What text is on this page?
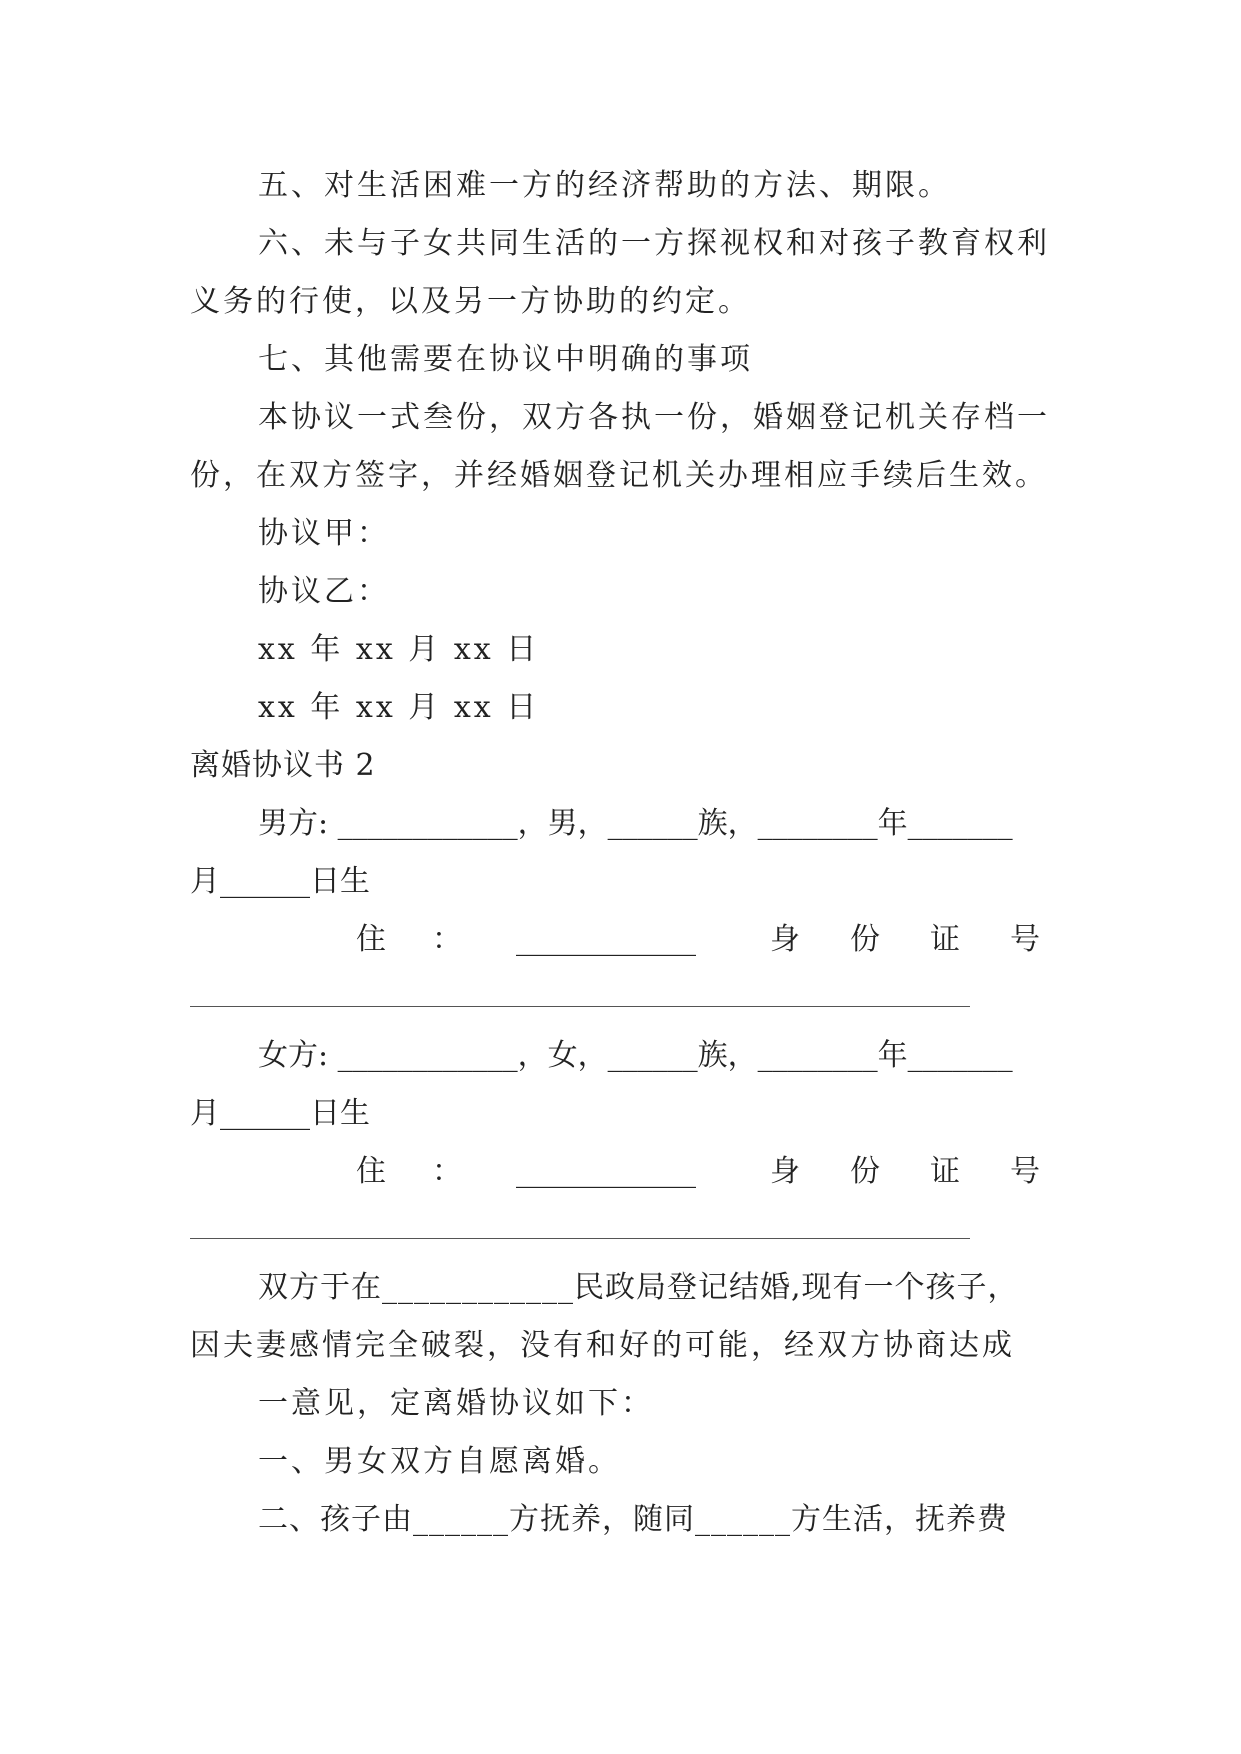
五、对生活困难一方的经济帮助的方法、期限。
六、未与子女共同生活的一方探视权和对孩子教育权利
义务的行使，以及另一方协助的约定。
七、其他需要在协议中明确的事项
本协议一式叁份，双方各执一份，婚姻登记机关存档一
份，在双方签字，并经婚姻登记机关办理相应手续后生效。
协议甲：
协议乙：
xx 年 xx 月 xx 日
xx 年 xx 月 xx 日
离婚协议书 2
男方: ____________，男，______族，________年_______
月______日生
住 ： ____________ 身 份 证 号
女方: ____________，女，______族，________年_______
月______日生
住 ： ____________ 身 份 证 号
双方于在____________民政局登记结婚,现有一个孩子，
因夫妻感情完全破裂，没有和好的可能，经双方协商达成
一意见，定离婚协议如下：
一、男女双方自愿离婚。
二、孩子由______方抚养，随同______方生活，抚养费
